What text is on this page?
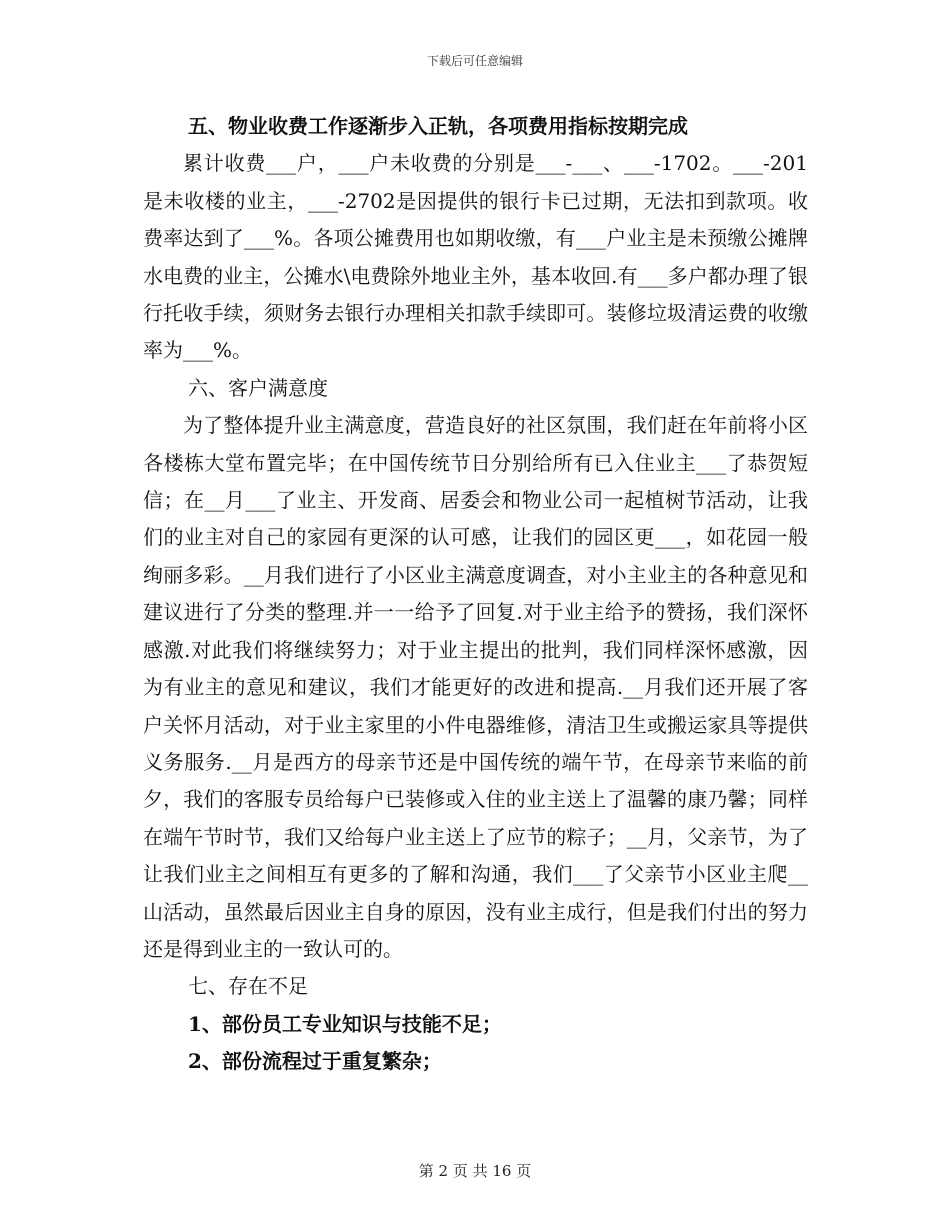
下载后可任意编辑

五、物业收费工作逐渐步入正轨，各项费用指标按期完成

累计收费___户，___户未收费的分别是___-___、___-1702。___-201是未收楼的业主，___-2702是因提供的银行卡已过期，无法扣到款项。收费率达到了___%。各项公摊费用也如期收缴，有___户业主是未预缴公摊牌水电费的业主，公摊水\电费除外地业主外，基本收回.有___多户都办理了银行托收手续，须财务去银行办理相关扣款手续即可。装修垃圾清运费的收缴率为___%。

六、客户满意度

为了整体提升业主满意度，营造良好的社区氛围，我们赶在年前将小区各楼栋大堂布置完毕；在中国传统节日分别给所有已入住业主___了恭贺短信；在__月___了业主、开发商、居委会和物业公司一起植树节活动，让我们的业主对自己的家园有更深的认可感，让我们的园区更___，如花园一般绚丽多彩。__月我们进行了小区业主满意度调查，对小主业主的各种意见和建议进行了分类的整理.并一一给予了回复.对于业主给予的赞扬，我们深怀感激.对此我们将继续努力；对于业主提出的批判，我们同样深怀感激，因为有业主的意见和建议，我们才能更好的改进和提高.__月我们还开展了客户关怀月活动，对于业主家里的小件电器维修，清洁卫生或搬运家具等提供义务服务.__月是西方的母亲节还是中国传统的端午节，在母亲节来临的前夕，我们的客服专员给每户已装修或入住的业主送上了温馨的康乃馨；同样在端午节时节，我们又给每户业主送上了应节的粽子；__月，父亲节，为了让我们业主之间相互有更多的了解和沟通，我们___了父亲节小区业主爬__山活动，虽然最后因业主自身的原因，没有业主成行，但是我们付出的努力还是得到业主的一致认可的。

七、存在不足

1、部份员工专业知识与技能不足；

2、部份流程过于重复繁杂；

第 2 页 共 16 页
